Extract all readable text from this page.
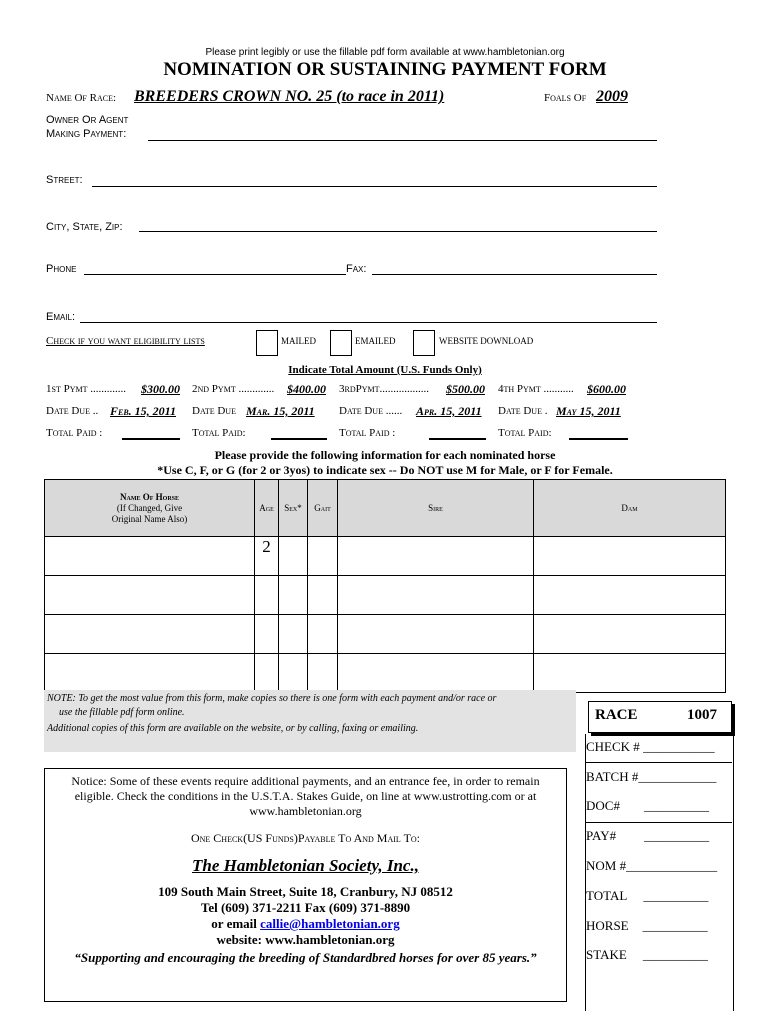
Please print legibly or use the fillable pdf form available at www.hambletonian.org
NOMINATION OR SUSTAINING PAYMENT FORM
Name Of Race: BREEDERS CROWN NO. 25 (to race in 2011)	Foals Of 2009
Owner Or Agent
Making Payment:
Street:
City, State, Zip:
Phone	Fax:
Email:
Check if you want eligibility lists	MAILED	EMAILED	WEBSITE DOWNLOAD
Indicate Total Amount (U.S. Funds Only)
1st Pymt ............. $300.00 2nd Pymt ............. $400.00 3rdPymt.................. $500.00 4th Pymt ........... $600.00
Date Due .. Feb. 15, 2011 Date Due Mar. 15, 2011 Date Due ...... Apr. 15, 2011 Date Due . May 15, 2011
Total Paid :	Total Paid:	Total Paid :	Total Paid:
Please provide the following information for each nominated horse
*Use C, F, or G (for 2 or 3yos) to indicate sex -- Do NOT use M for Male, or F for Female.
Name Of Horse
(If Changed, Give
Original Name Also)	Age	Sex*	Gait	Sire	Dam
	2				

NOTE: To get the most value from this form, make copies so there is one form with each payment and/or race or
use the fillable pdf form online.
Additional copies of this form are available on the website, or by calling, faxing or emailing.
Notice: Some of these events require additional payments, and an entrance fee, in order to remain
eligible. Check the conditions in the U.S.T.A. Stakes Guide, on line at www.ustrotting.com or at
www.hambletonian.org
One Check(US Funds)Payable To And Mail To:
The Hambletonian Society, Inc.,
109 South Main Street, Suite 18, Cranbury, NJ 08512
Tel (609) 371-2211 Fax (609) 371-8890
or email callie@hambletonian.org
website: www.hambletonian.org
“Supporting and encouraging the breeding of Standardbred horses for over 85 years.”
RACE	1007
CHECK # ___________
BATCH #____________
DOC# __________
PAY# __________
NOM #______________
TOTAL __________
HORSE __________
STAKE __________
